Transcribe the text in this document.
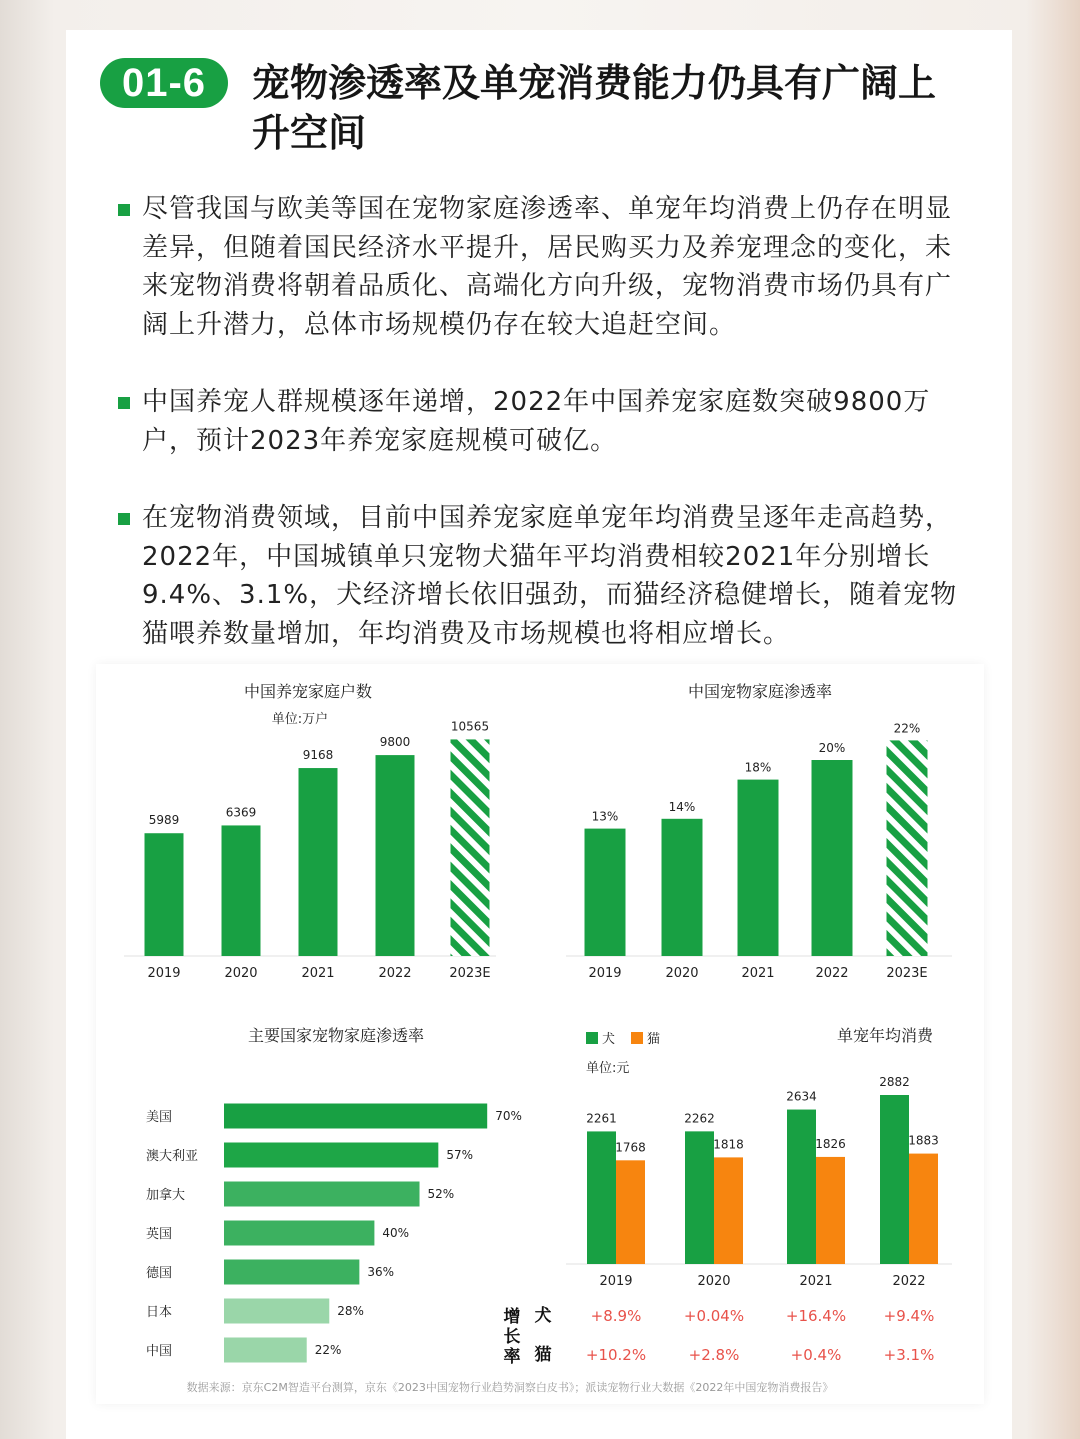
01-6	宠物渗透率及单宠消费能力仍具有广阔上升空间
尽管我国与欧美等国在宠物家庭渗透率、单宠年均消费上仍存在明显差异，但随着国民经济水平提升，居民购买力及养宠理念的变化，未来宠物消费将朝着品质化、高端化方向升级，宠物消费市场仍具有广阔上升潜力，总体市场规模仍存在较大追赶空间。
中国养宠人群规模逐年递增，2022年中国养宠家庭数突破9800万户，预计2023年养宠家庭规模可破亿。
在宠物消费领域，目前中国养宠家庭单宠年均消费呈逐年走高趋势，2022年，中国城镇单只宠物犬猫年平均消费相较2021年分别增长9.4%、3.1%，犬经济增长依旧强劲，而猫经济稳健增长，随着宠物猫喂养数量增加，年均消费及市场规模也将相应增长。
中国养宠家庭户数
单位:万户
5989
2019
6369
2020
9168
2021
9800
2022
10565
2023E
中国宠物家庭渗透率
13%
2019
14%
2020
18%
2021
20%
2022
22%
2023E
主要国家宠物家庭渗透率
美国	70%
澳大利亚	57%
加拿大	52%
英国	40%
德国	36%
日本	28%
中国	22%
单宠年均消费
犬 猫
单位:元
2261
1768
2019
2262
1818
2020
2634
1826
2021
2882
1883
2022
增
长
率
犬	+8.9%	+0.04%	+16.4%	+9.4%
猫 +10.2%	+2.8%	+0.4%	+3.1%
数据来源：京东C2M智造平台测算，京东《2023中国宠物行业趋势洞察白皮书》；派读宠物行业大数据《2022年中国宠物消费报告》
